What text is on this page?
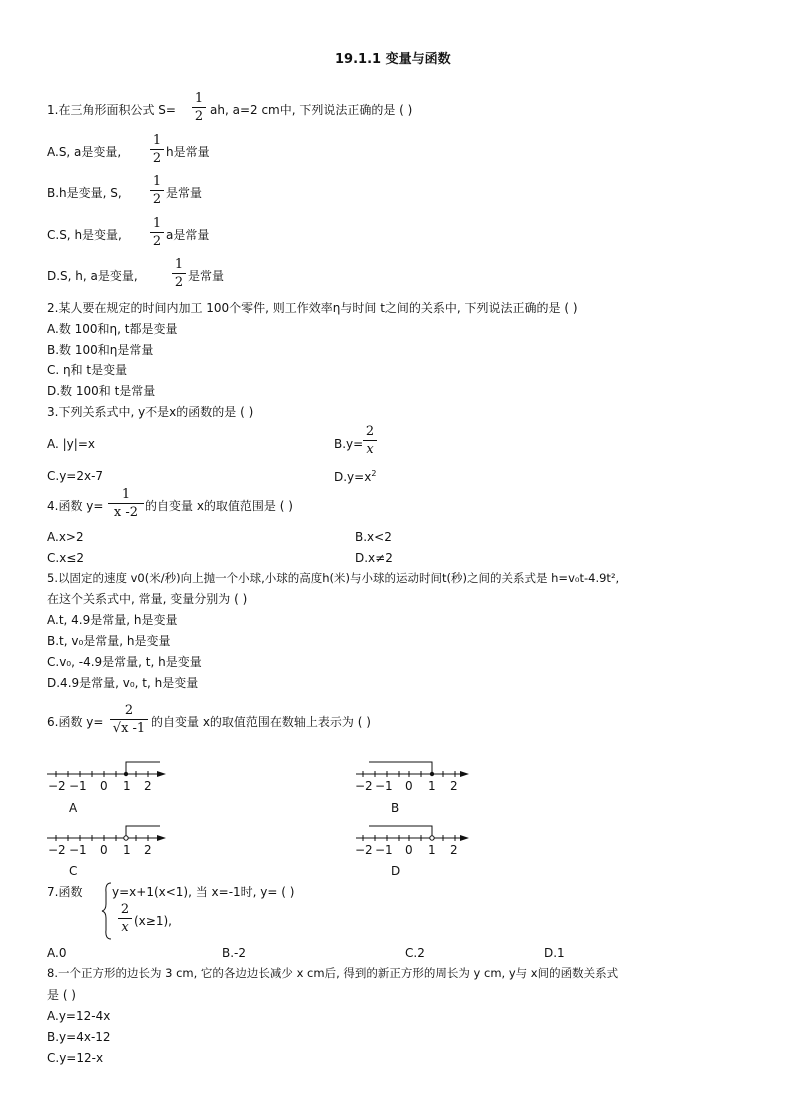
19.1.1 变量与函数
1.在三角形面积公式 S=
1
2 ah, a=2 cm中, 下列说法正确的是 ( )
A.S, a是变量,
1
2 h是常量
B.h是变量, S,
1
2 是常量
C.S, h是变量,
1
2 a是常量
D.S, h, a是变量,
1
2 是常量
2.某人要在规定的时间内加工 100个零件, 则工作效率η与时间 t之间的关系中, 下列说法正确的是 ( )
A.数 100和η, t都是变量
B.数 100和η是常量
C. η和 t是变量
D.数 100和 t是常量
3.下列关系式中, y不是x的函数的是 ( )
A. |y|=x	B.y=
2
x
C.y=2x-7	$D.y=x^2$
4.函数 y=
1
x -2 的自变量 x的取值范围是 ( )
A.x>2	B.x<2
C.x≤2	D.x≠2
5.以固定的速度 v0(米/秒)向上抛一个小球,小球的高度h(米)与小球的运动时间t(秒)之间的关系式是 h=v₀t-4.9t²,
在这个关系式中, 常量, 变量分别为 ( )
A.t, 4.9是常量, h是变量
B.t, v₀是常量, h是变量
C.v₀, -4.9是常量, t, h是变量
D.4.9是常量, v₀, t, h是变量
6.函数 y=
2
√x -1 的自变量 x的取值范围在数轴上表示为 ( )
−2 −1 0 1 2
A
−2 −1 0 1 2
B
−2 −1 0 1 2
C
−2 −1 0 1 2
D
7.函数 y=x+1(x<1), 当 x=-1时, y= ( )
2
x (x≥1),
A.0	B.-2	C.2	D.1
8.一个正方形的边长为 3 cm, 它的各边边长减少 x cm后, 得到的新正方形的周长为 y cm, y与 x间的函数关系式
是 ( )
A.y=12-4x
B.y=4x-12
C.y=12-x
